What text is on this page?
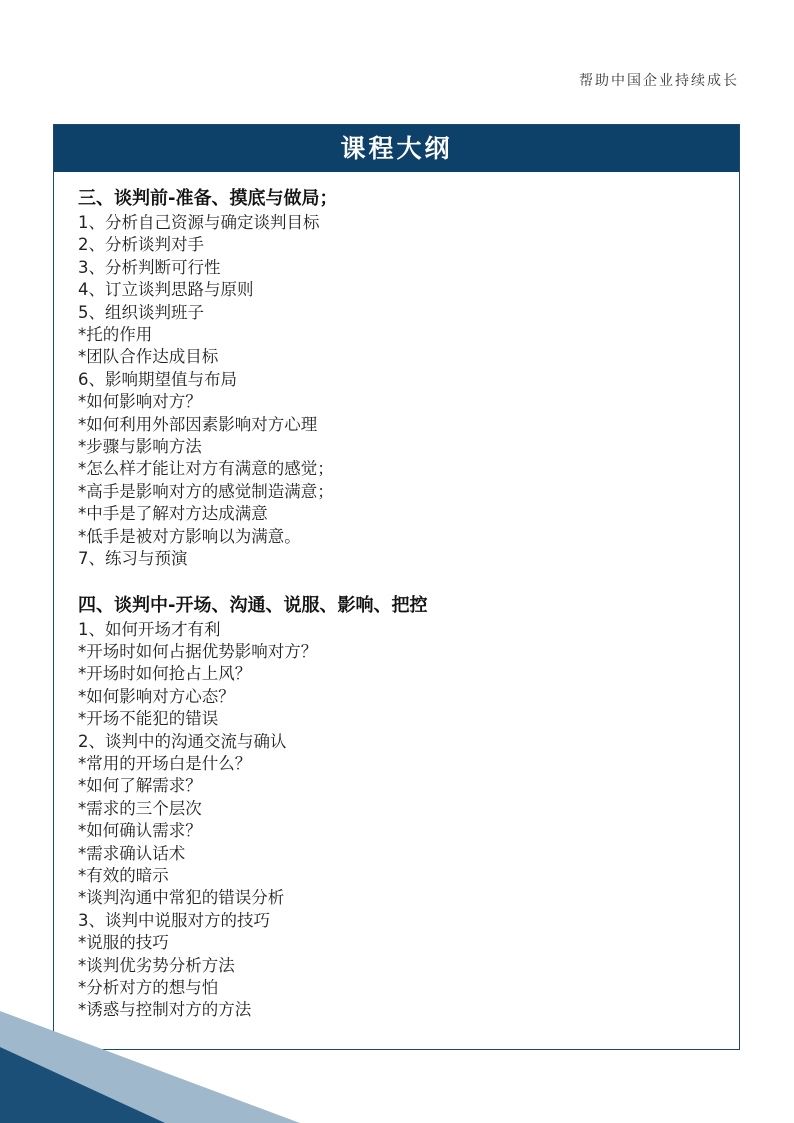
帮助中国企业持续成长
课程大纲
三、谈判前-准备、摸底与做局；
1、分析自己资源与确定谈判目标
2、分析谈判对手
3、分析判断可行性
4、订立谈判思路与原则
5、组织谈判班子
*托的作用
*团队合作达成目标
6、影响期望值与布局
*如何影响对方？
*如何利用外部因素影响对方心理
*步骤与影响方法
*怎么样才能让对方有满意的感觉；
*高手是影响对方的感觉制造满意；
*中手是了解对方达成满意
*低手是被对方影响以为满意。
7、练习与预演
四、谈判中-开场、沟通、说服、影响、把控
1、如何开场才有利
*开场时如何占据优势影响对方？
*开场时如何抢占上风？
*如何影响对方心态？
*开场不能犯的错误
2、谈判中的沟通交流与确认
*常用的开场白是什么？
*如何了解需求？
*需求的三个层次
*如何确认需求？
*需求确认话术
*有效的暗示
*谈判沟通中常犯的错误分析
3、谈判中说服对方的技巧
*说服的技巧
*谈判优劣势分析方法
*分析对方的想与怕
*诱惑与控制对方的方法
